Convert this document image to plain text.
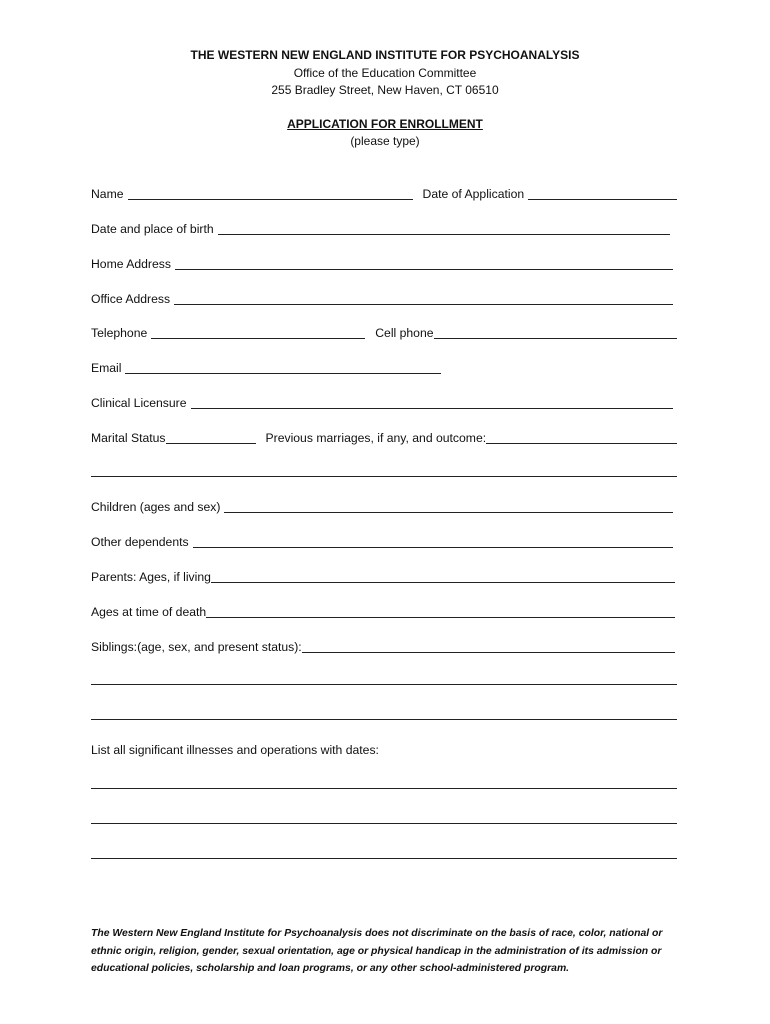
THE WESTERN NEW ENGLAND INSTITUTE FOR PSYCHOANALYSIS
Office of the Education Committee
255 Bradley Street, New Haven, CT 06510
APPLICATION FOR ENROLLMENT
(please type)
Name	Date of Application
Date and place of birth
Home Address
Office Address
Telephone	Cell phone
Email
Clinical Licensure
Marital Status	Previous marriages, if any, and outcome:
Children (ages and sex)
Other dependents
Parents: Ages, if living
Ages at time of death
Siblings:(age, sex, and present status):
List all significant illnesses and operations with dates:
The Western New England Institute for Psychoanalysis does not discriminate on the basis of race, color, national or ethnic origin, religion, gender, sexual orientation, age or physical handicap in the administration of its admission or educational policies, scholarship and loan programs, or any other school-administered program.
